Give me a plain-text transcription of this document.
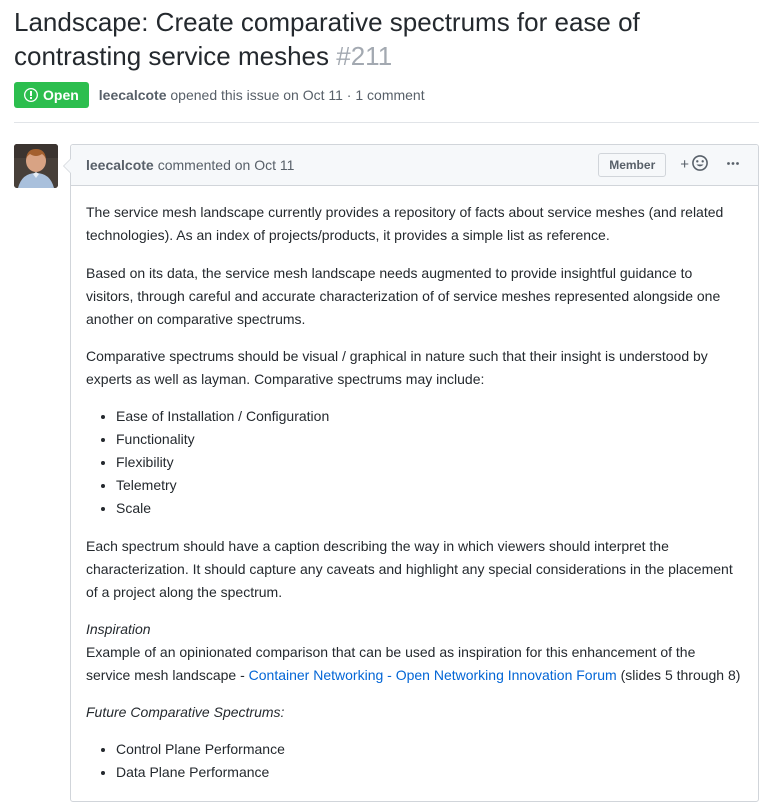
Landscape: Create comparative spectrums for ease of contrasting service meshes #211
Open leecalcote opened this issue on Oct 11 · 1 comment
leecalcote commented on Oct 11	Member	+

The service mesh landscape currently provides a repository of facts about service meshes (and related technologies). As an index of projects/products, it provides a simple list as reference.

Based on its data, the service mesh landscape needs augmented to provide insightful guidance to visitors, through careful and accurate characterization of of service meshes represented alongside one another on comparative spectrums.

Comparative spectrums should be visual / graphical in nature such that their insight is understood by experts as well as layman. Comparative spectrums may include:

• Ease of Installation / Configuration
• Functionality
• Flexibility
• Telemetry
• Scale

Each spectrum should have a caption describing the way in which viewers should interpret the characterization. It should capture any caveats and highlight any special considerations in the placement of a project along the spectrum.

Inspiration
Example of an opinionated comparison that can be used as inspiration for this enhancement of the service mesh landscape - Container Networking - Open Networking Innovation Forum (slides 5 through 8)

Future Comparative Spectrums:

• Control Plane Performance
• Data Plane Performance
